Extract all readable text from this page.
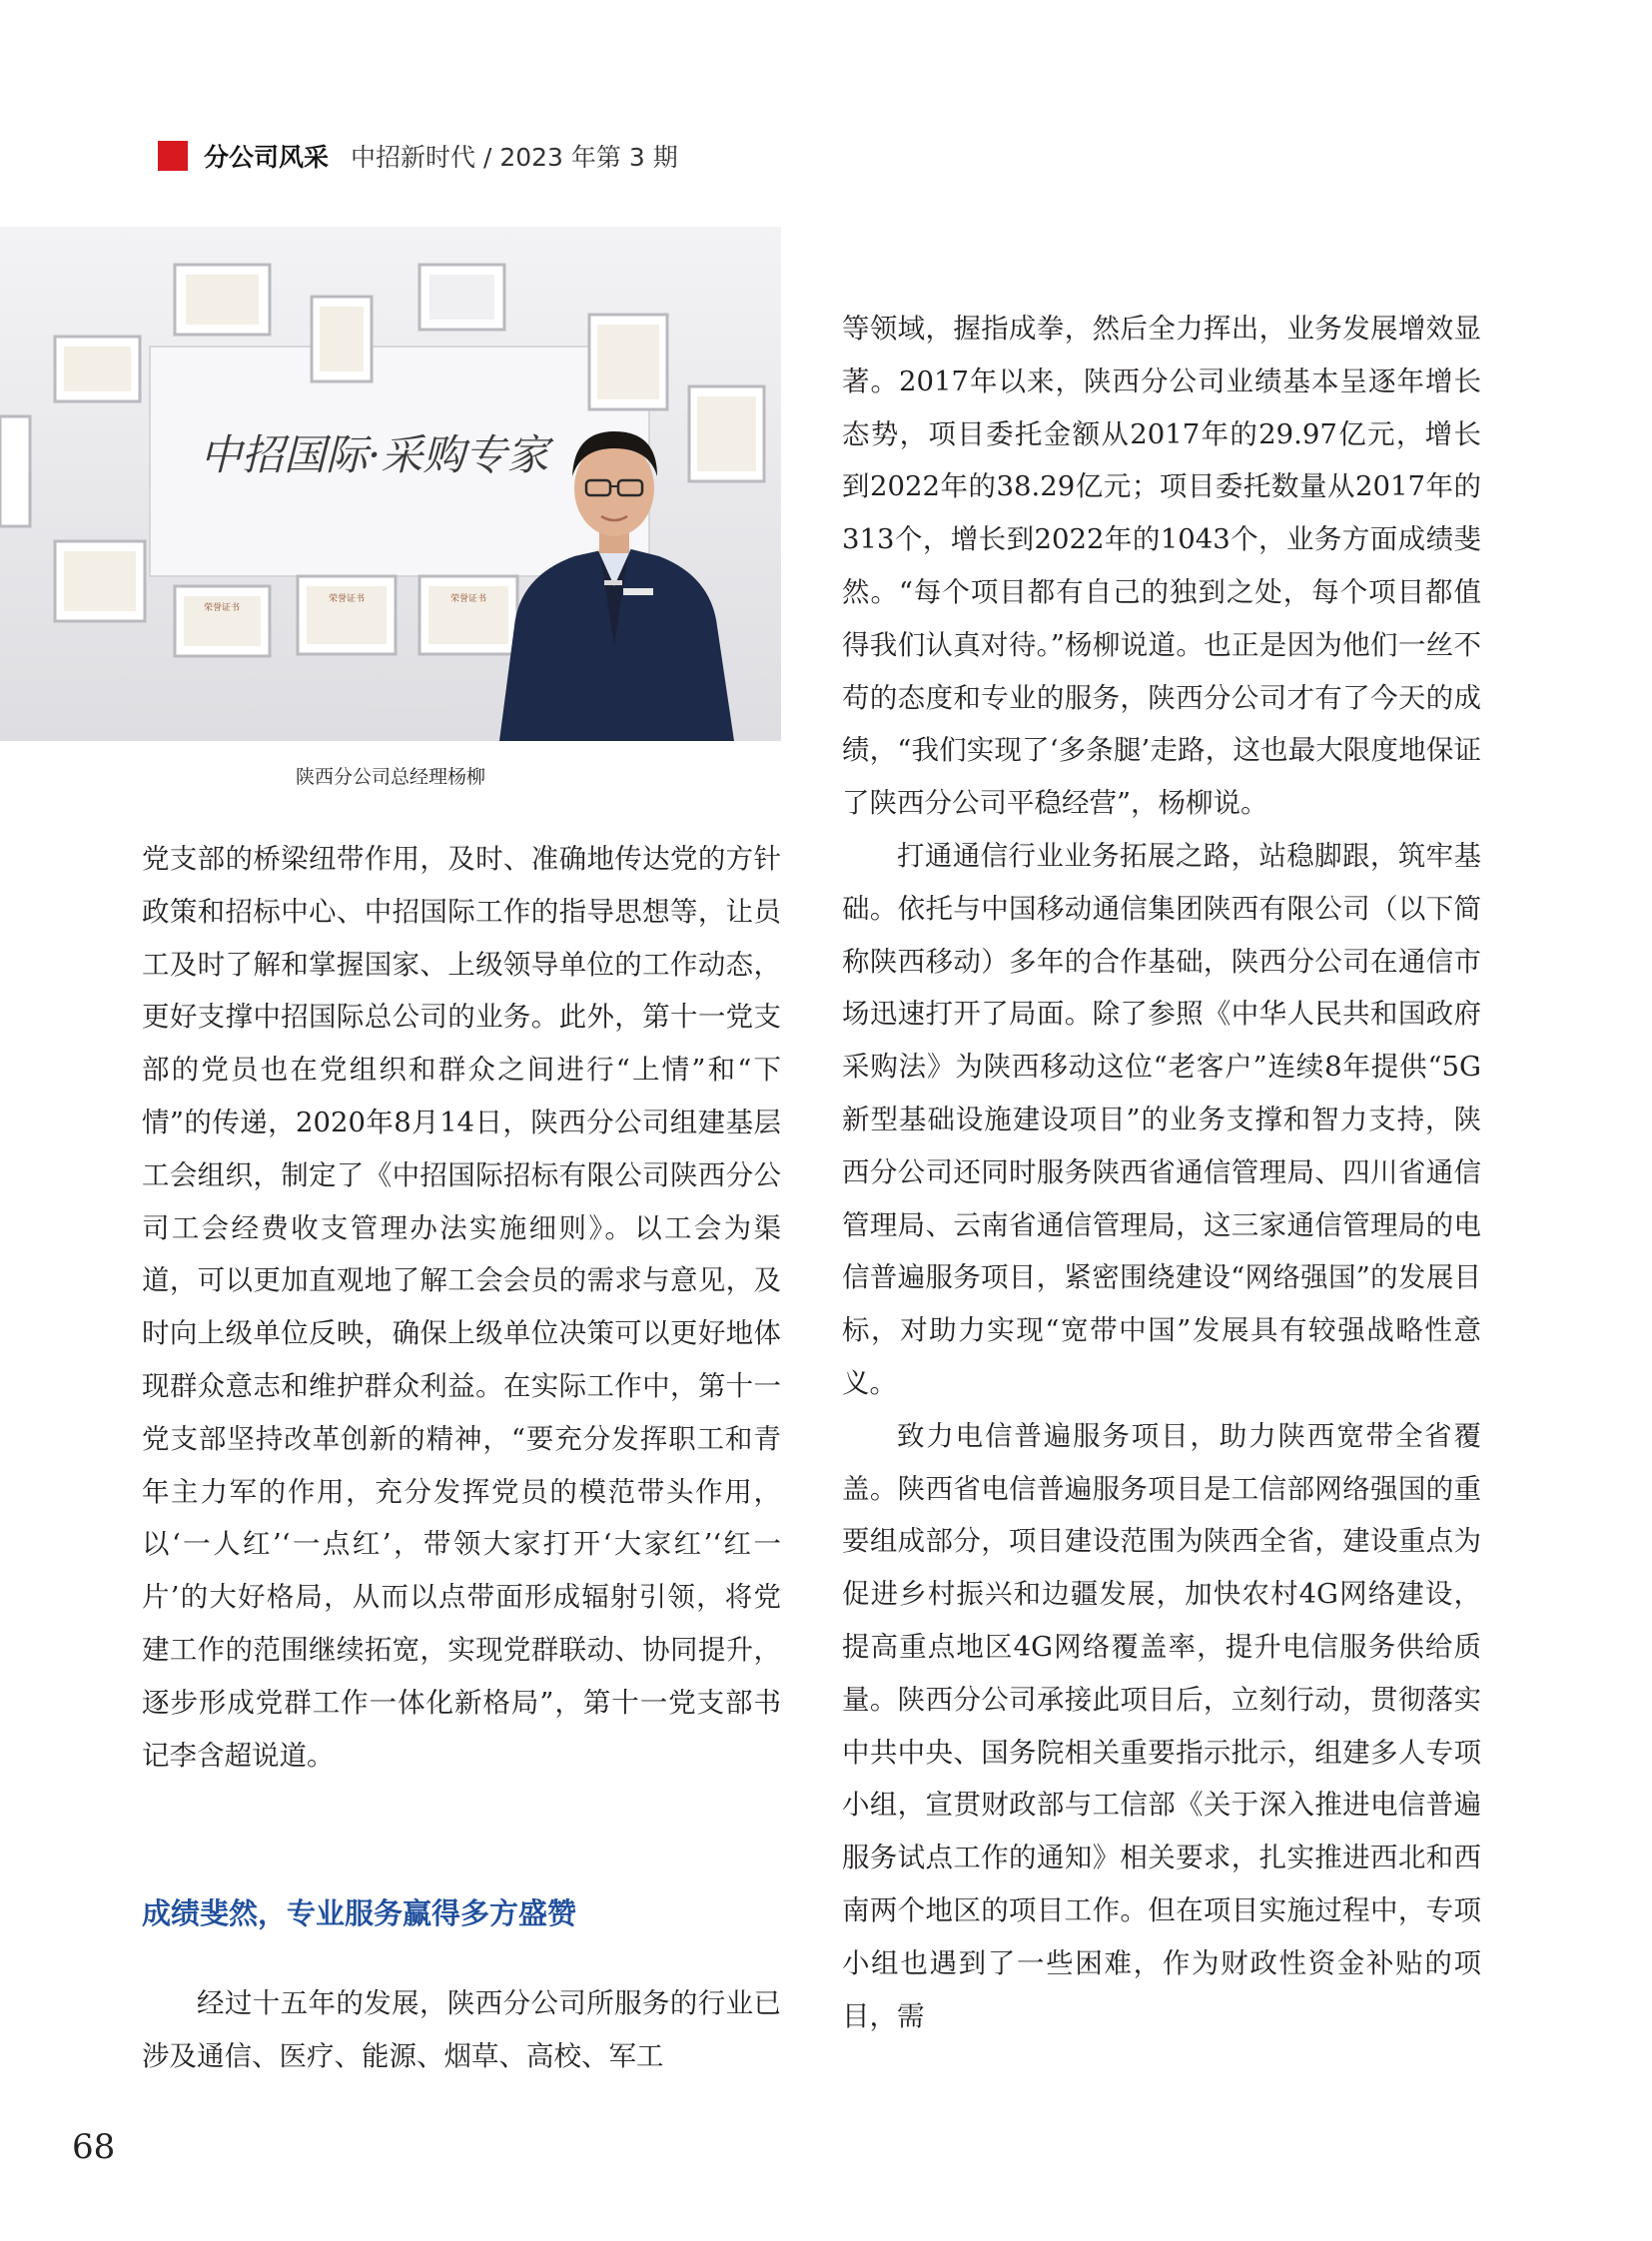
分公司风采 中招新时代 / 2023 年第 3 期
荣誉证书
荣誉证书	荣誉证书
中招国际·采购专家
陕西分公司总经理杨柳

党支部的桥梁纽带作用，及时、准确地传达党的方针政策和招标中心、中招国际工作的指导思想等，让员工及时了解和掌握国家、上级领导单位的工作动态，更好支撑中招国际总公司的业务。此外，第十一党支部的党员也在党组织和群众之间进行“上情”和“下情”的传递，2020年8月14日，陕西分公司组建基层工会组织，制定了《中招国际招标有限公司陕西分公司工会经费收支管理办法实施细则》。以工会为渠道，可以更加直观地了解工会会员的需求与意见，及时向上级单位反映，确保上级单位决策可以更好地体现群众意志和维护群众利益。在实际工作中，第十一党支部坚持改革创新的精神，“要充分发挥职工和青年主力军的作用，充分发挥党员的模范带头作用，以‘一人红’‘一点红’，带领大家打开‘大家红’‘红一片’的大好格局，从而以点带面形成辐射引领，将党建工作的范围继续拓宽，实现党群联动、协同提升，逐步形成党群工作一体化新格局”，第十一党支部书记李含超说道。

成绩斐然，专业服务赢得多方盛赞

经过十五年的发展，陕西分公司所服务的行业已涉及通信、医疗、能源、烟草、高校、军工

等领域，握指成拳，然后全力挥出，业务发展增效显著。2017年以来，陕西分公司业绩基本呈逐年增长态势，项目委托金额从2017年的29.97亿元，增长到2022年的38.29亿元；项目委托数量从2017年的313个，增长到2022年的1043个，业务方面成绩斐然。“每个项目都有自己的独到之处，每个项目都值得我们认真对待。”杨柳说道。也正是因为他们一丝不苟的态度和专业的服务，陕西分公司才有了今天的成绩，“我们实现了‘多条腿’走路，这也最大限度地保证了陕西分公司平稳经营”，杨柳说。

打通通信行业业务拓展之路，站稳脚跟，筑牢基础。依托与中国移动通信集团陕西有限公司（以下简称陕西移动）多年的合作基础，陕西分公司在通信市场迅速打开了局面。除了参照《中华人民共和国政府采购法》为陕西移动这位“老客户”连续8年提供“5G新型基础设施建设项目”的业务支撑和智力支持，陕西分公司还同时服务陕西省通信管理局、四川省通信管理局、云南省通信管理局，这三家通信管理局的电信普遍服务项目，紧密围绕建设“网络强国”的发展目标，对助力实现“宽带中国”发展具有较强战略性意义。

致力电信普遍服务项目，助力陕西宽带全省覆盖。陕西省电信普遍服务项目是工信部网络强国的重要组成部分，项目建设范围为陕西全省，建设重点为促进乡村振兴和边疆发展，加快农村4G网络建设，提高重点地区4G网络覆盖率，提升电信服务供给质量。陕西分公司承接此项目后，立刻行动，贯彻落实中共中央、国务院相关重要指示批示，组建多人专项小组，宣贯财政部与工信部《关于深入推进电信普遍服务试点工作的通知》相关要求，扎实推进西北和西南两个地区的项目工作。但在项目实施过程中，专项小组也遇到了一些困难，作为财政性资金补贴的项目，需

68
